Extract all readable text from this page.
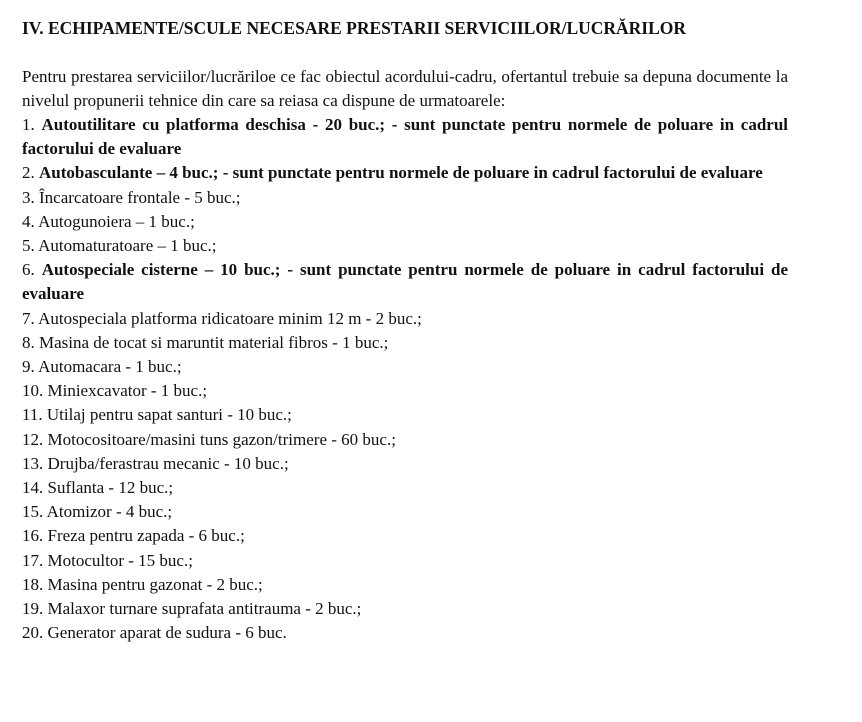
IV. ECHIPAMENTE/SCULE NECESARE PRESTARII SERVICIILOR/LUCRĂRILOR

Pentru prestarea serviciilor/lucrăriloe ce fac obiectul acordului-cadru, ofertantul trebuie sa depuna documente la nivelul propunerii tehnice din care sa reiasa ca dispune de urmatoarele:

1. Autoutilitare cu platforma deschisa - 20 buc.; - sunt punctate pentru normele de poluare in cadrul factorului de evaluare

2. Autobasculante – 4 buc.; - sunt punctate pentru normele de poluare in cadrul factorului de evaluare

3. Încarcatoare frontale - 5 buc.;

4. Autogunoiera – 1 buc.;

5. Automaturatoare – 1 buc.;

6. Autospeciale cisterne – 10 buc.; - sunt punctate pentru normele de poluare in cadrul factorului de evaluare

7. Autospeciala platforma ridicatoare minim 12 m - 2 buc.;

8. Masina de tocat si maruntit material fibros - 1 buc.;

9. Automacara - 1 buc.;

10. Miniexcavator - 1 buc.;

11. Utilaj pentru sapat santuri - 10 buc.;

12. Motocositoare/masini tuns gazon/trimere - 60 buc.;

13. Drujba/ferastrau mecanic - 10 buc.;

14. Suflanta - 12 buc.;

15. Atomizor - 4 buc.;

16. Freza pentru zapada - 6 buc.;

17. Motocultor - 15 buc.;

18. Masina pentru gazonat - 2 buc.;

19. Malaxor turnare suprafata antitrauma - 2 buc.;

20. Generator aparat de sudura - 6 buc.
